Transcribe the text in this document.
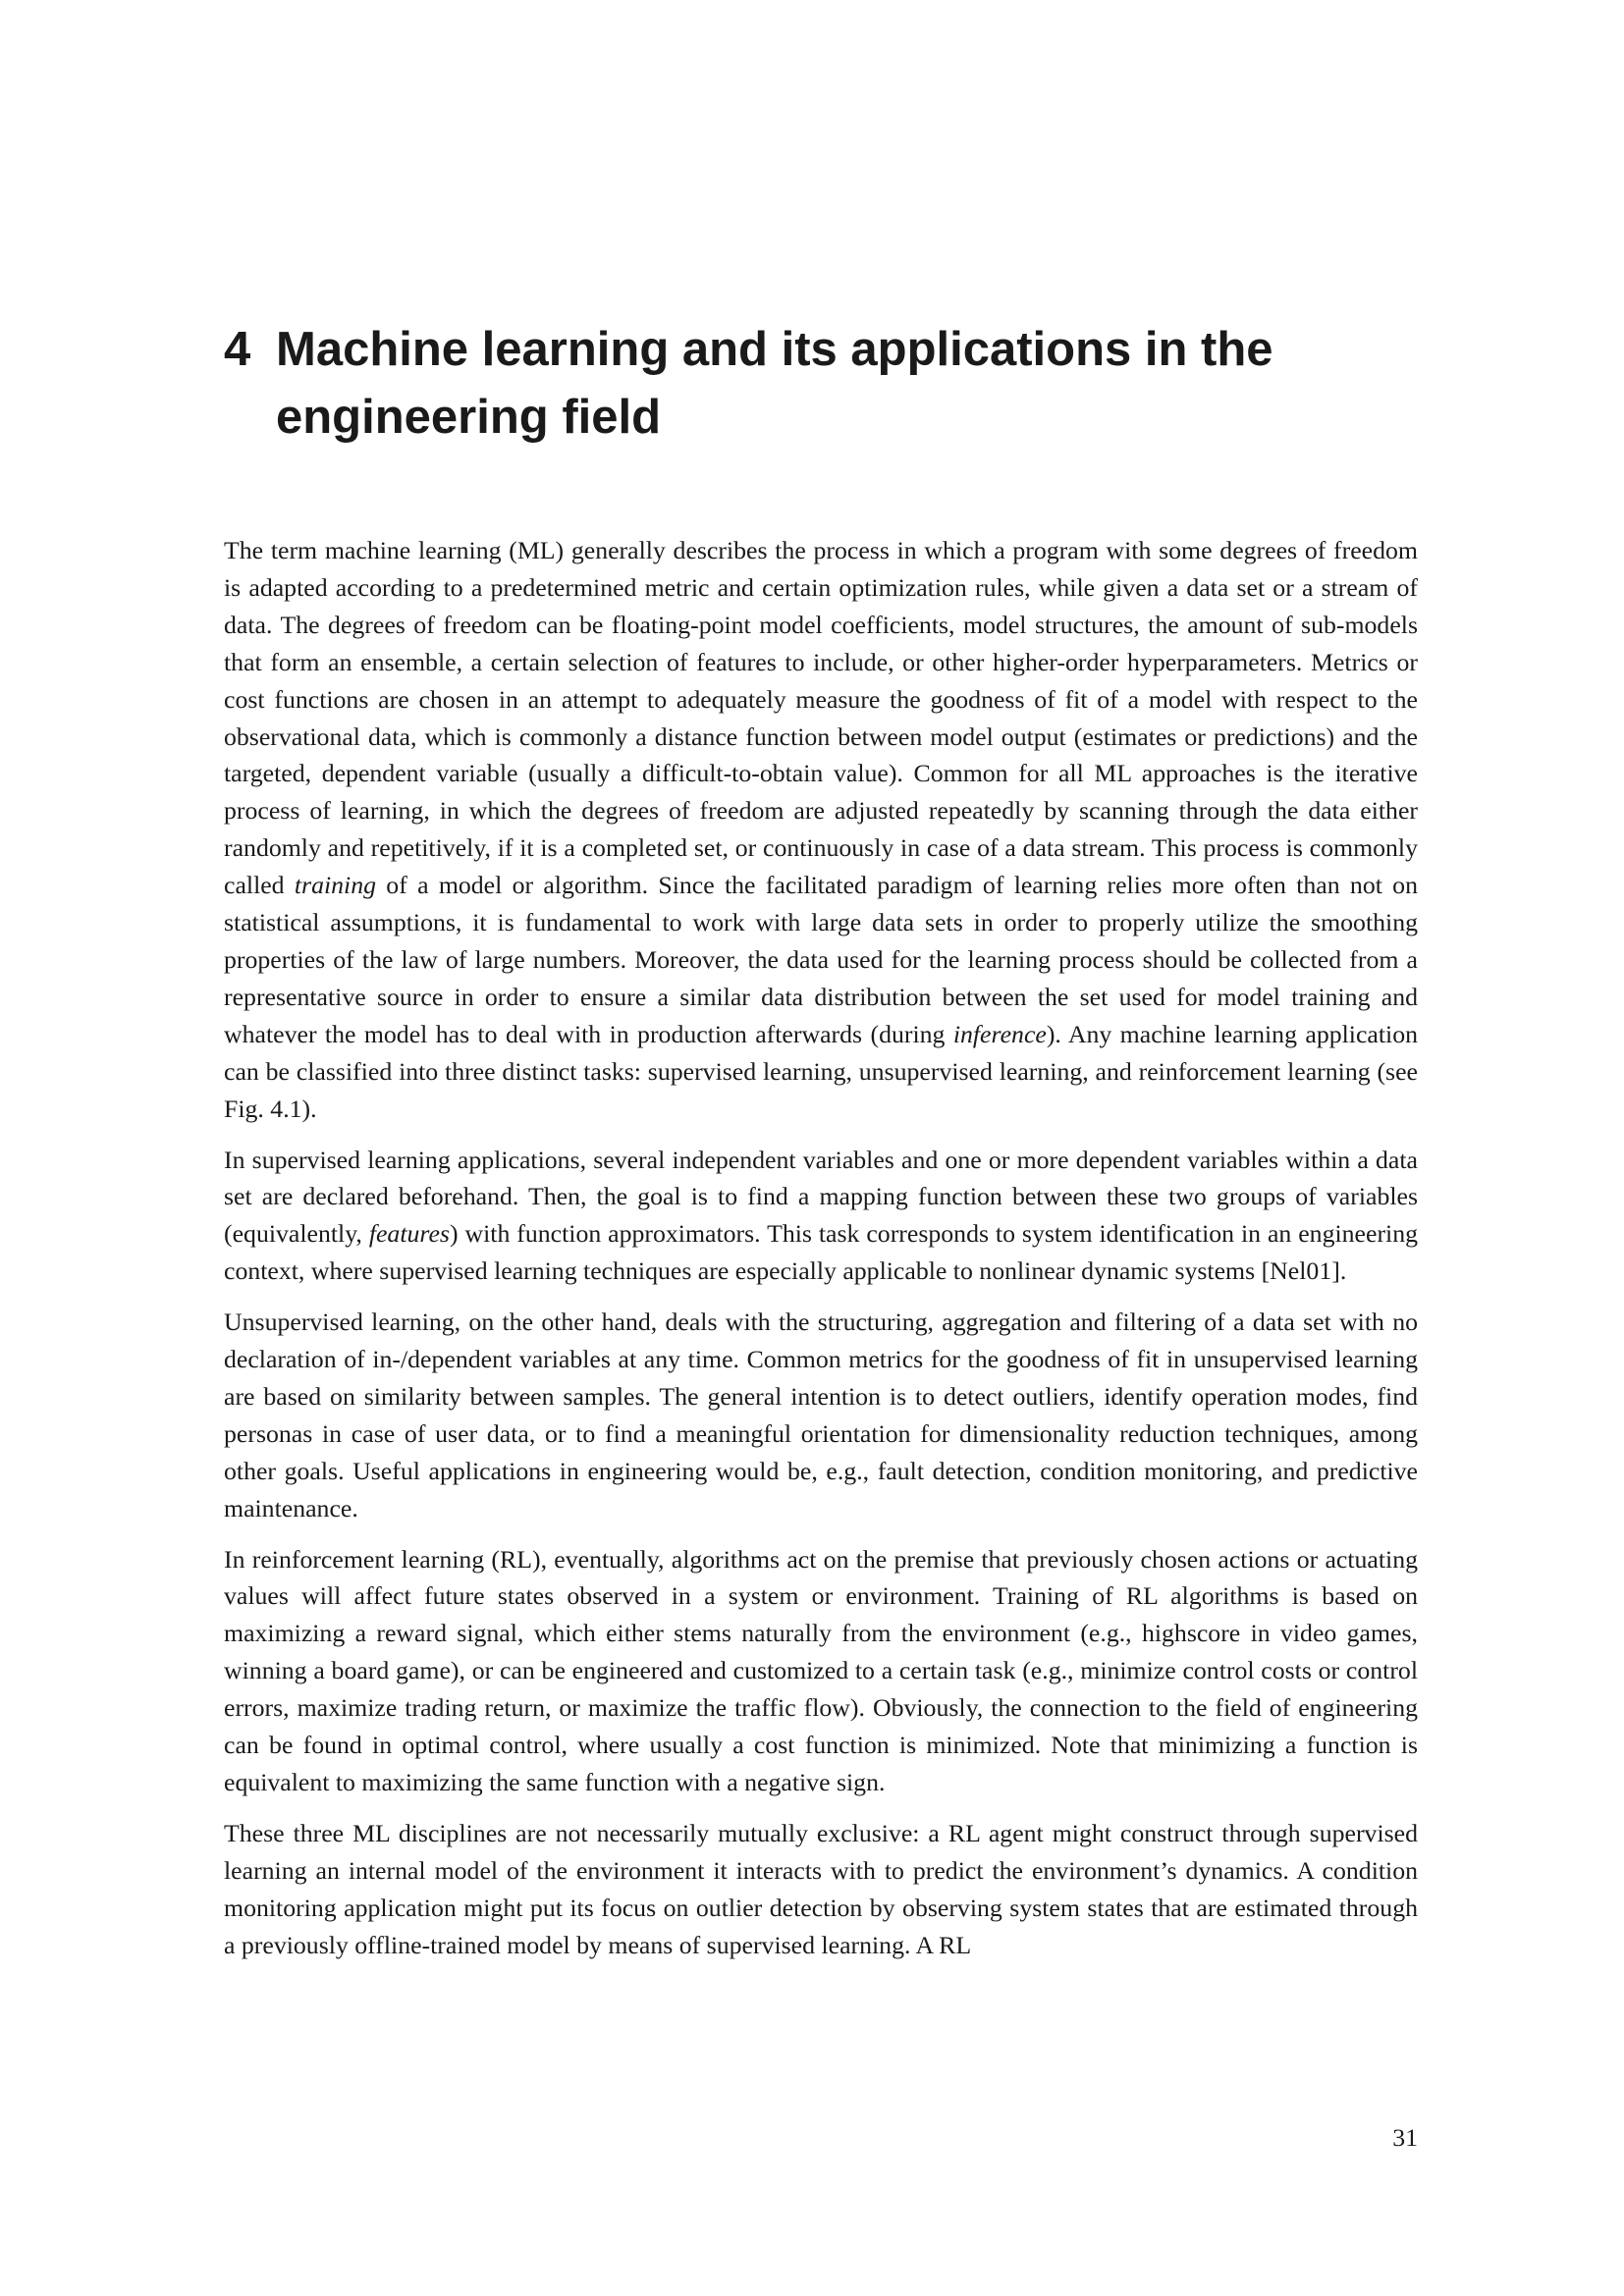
4 Machine learning and its applications in the engineering field

The term machine learning (ML) generally describes the process in which a program with some degrees of freedom is adapted according to a predetermined metric and certain optimization rules, while given a data set or a stream of data. The degrees of freedom can be floating-point model coefficients, model structures, the amount of sub-models that form an ensemble, a certain selection of features to include, or other higher-order hyperparameters. Metrics or cost functions are chosen in an attempt to adequately measure the goodness of fit of a model with respect to the observational data, which is commonly a distance function between model output (estimates or predictions) and the targeted, dependent variable (usually a difficult-to-obtain value). Common for all ML approaches is the iterative process of learning, in which the degrees of freedom are adjusted repeatedly by scanning through the data either randomly and repetitively, if it is a completed set, or continuously in case of a data stream. This process is commonly called training of a model or algorithm. Since the facilitated paradigm of learning relies more often than not on statistical assumptions, it is fundamental to work with large data sets in order to properly utilize the smoothing properties of the law of large numbers. Moreover, the data used for the learning process should be collected from a representative source in order to ensure a similar data distribution between the set used for model training and whatever the model has to deal with in production afterwards (during inference). Any machine learning application can be classified into three distinct tasks: supervised learning, unsupervised learning, and reinforcement learning (see Fig. 4.1).

In supervised learning applications, several independent variables and one or more dependent variables within a data set are declared beforehand. Then, the goal is to find a mapping function between these two groups of variables (equivalently, features) with function approximators. This task corresponds to system identification in an engineering context, where supervised learning techniques are especially applicable to nonlinear dynamic systems [Nel01].

Unsupervised learning, on the other hand, deals with the structuring, aggregation and filtering of a data set with no declaration of in-/dependent variables at any time. Common metrics for the goodness of fit in unsupervised learning are based on similarity between samples. The general intention is to detect outliers, identify operation modes, find personas in case of user data, or to find a meaningful orientation for dimensionality reduction techniques, among other goals. Useful applications in engineering would be, e.g., fault detection, condition monitoring, and predictive maintenance.

In reinforcement learning (RL), eventually, algorithms act on the premise that previously chosen actions or actuating values will affect future states observed in a system or environment. Training of RL algorithms is based on maximizing a reward signal, which either stems naturally from the environment (e.g., highscore in video games, winning a board game), or can be engineered and customized to a certain task (e.g., minimize control costs or control errors, maximize trading return, or maximize the traffic flow). Obviously, the connection to the field of engineering can be found in optimal control, where usually a cost function is minimized. Note that minimizing a function is equivalent to maximizing the same function with a negative sign.

These three ML disciplines are not necessarily mutually exclusive: a RL agent might construct through supervised learning an internal model of the environment it interacts with to predict the environment’s dynamics. A condition monitoring application might put its focus on outlier detection by observing system states that are estimated through a previously offline-trained model by means of supervised learning. A RL

31
